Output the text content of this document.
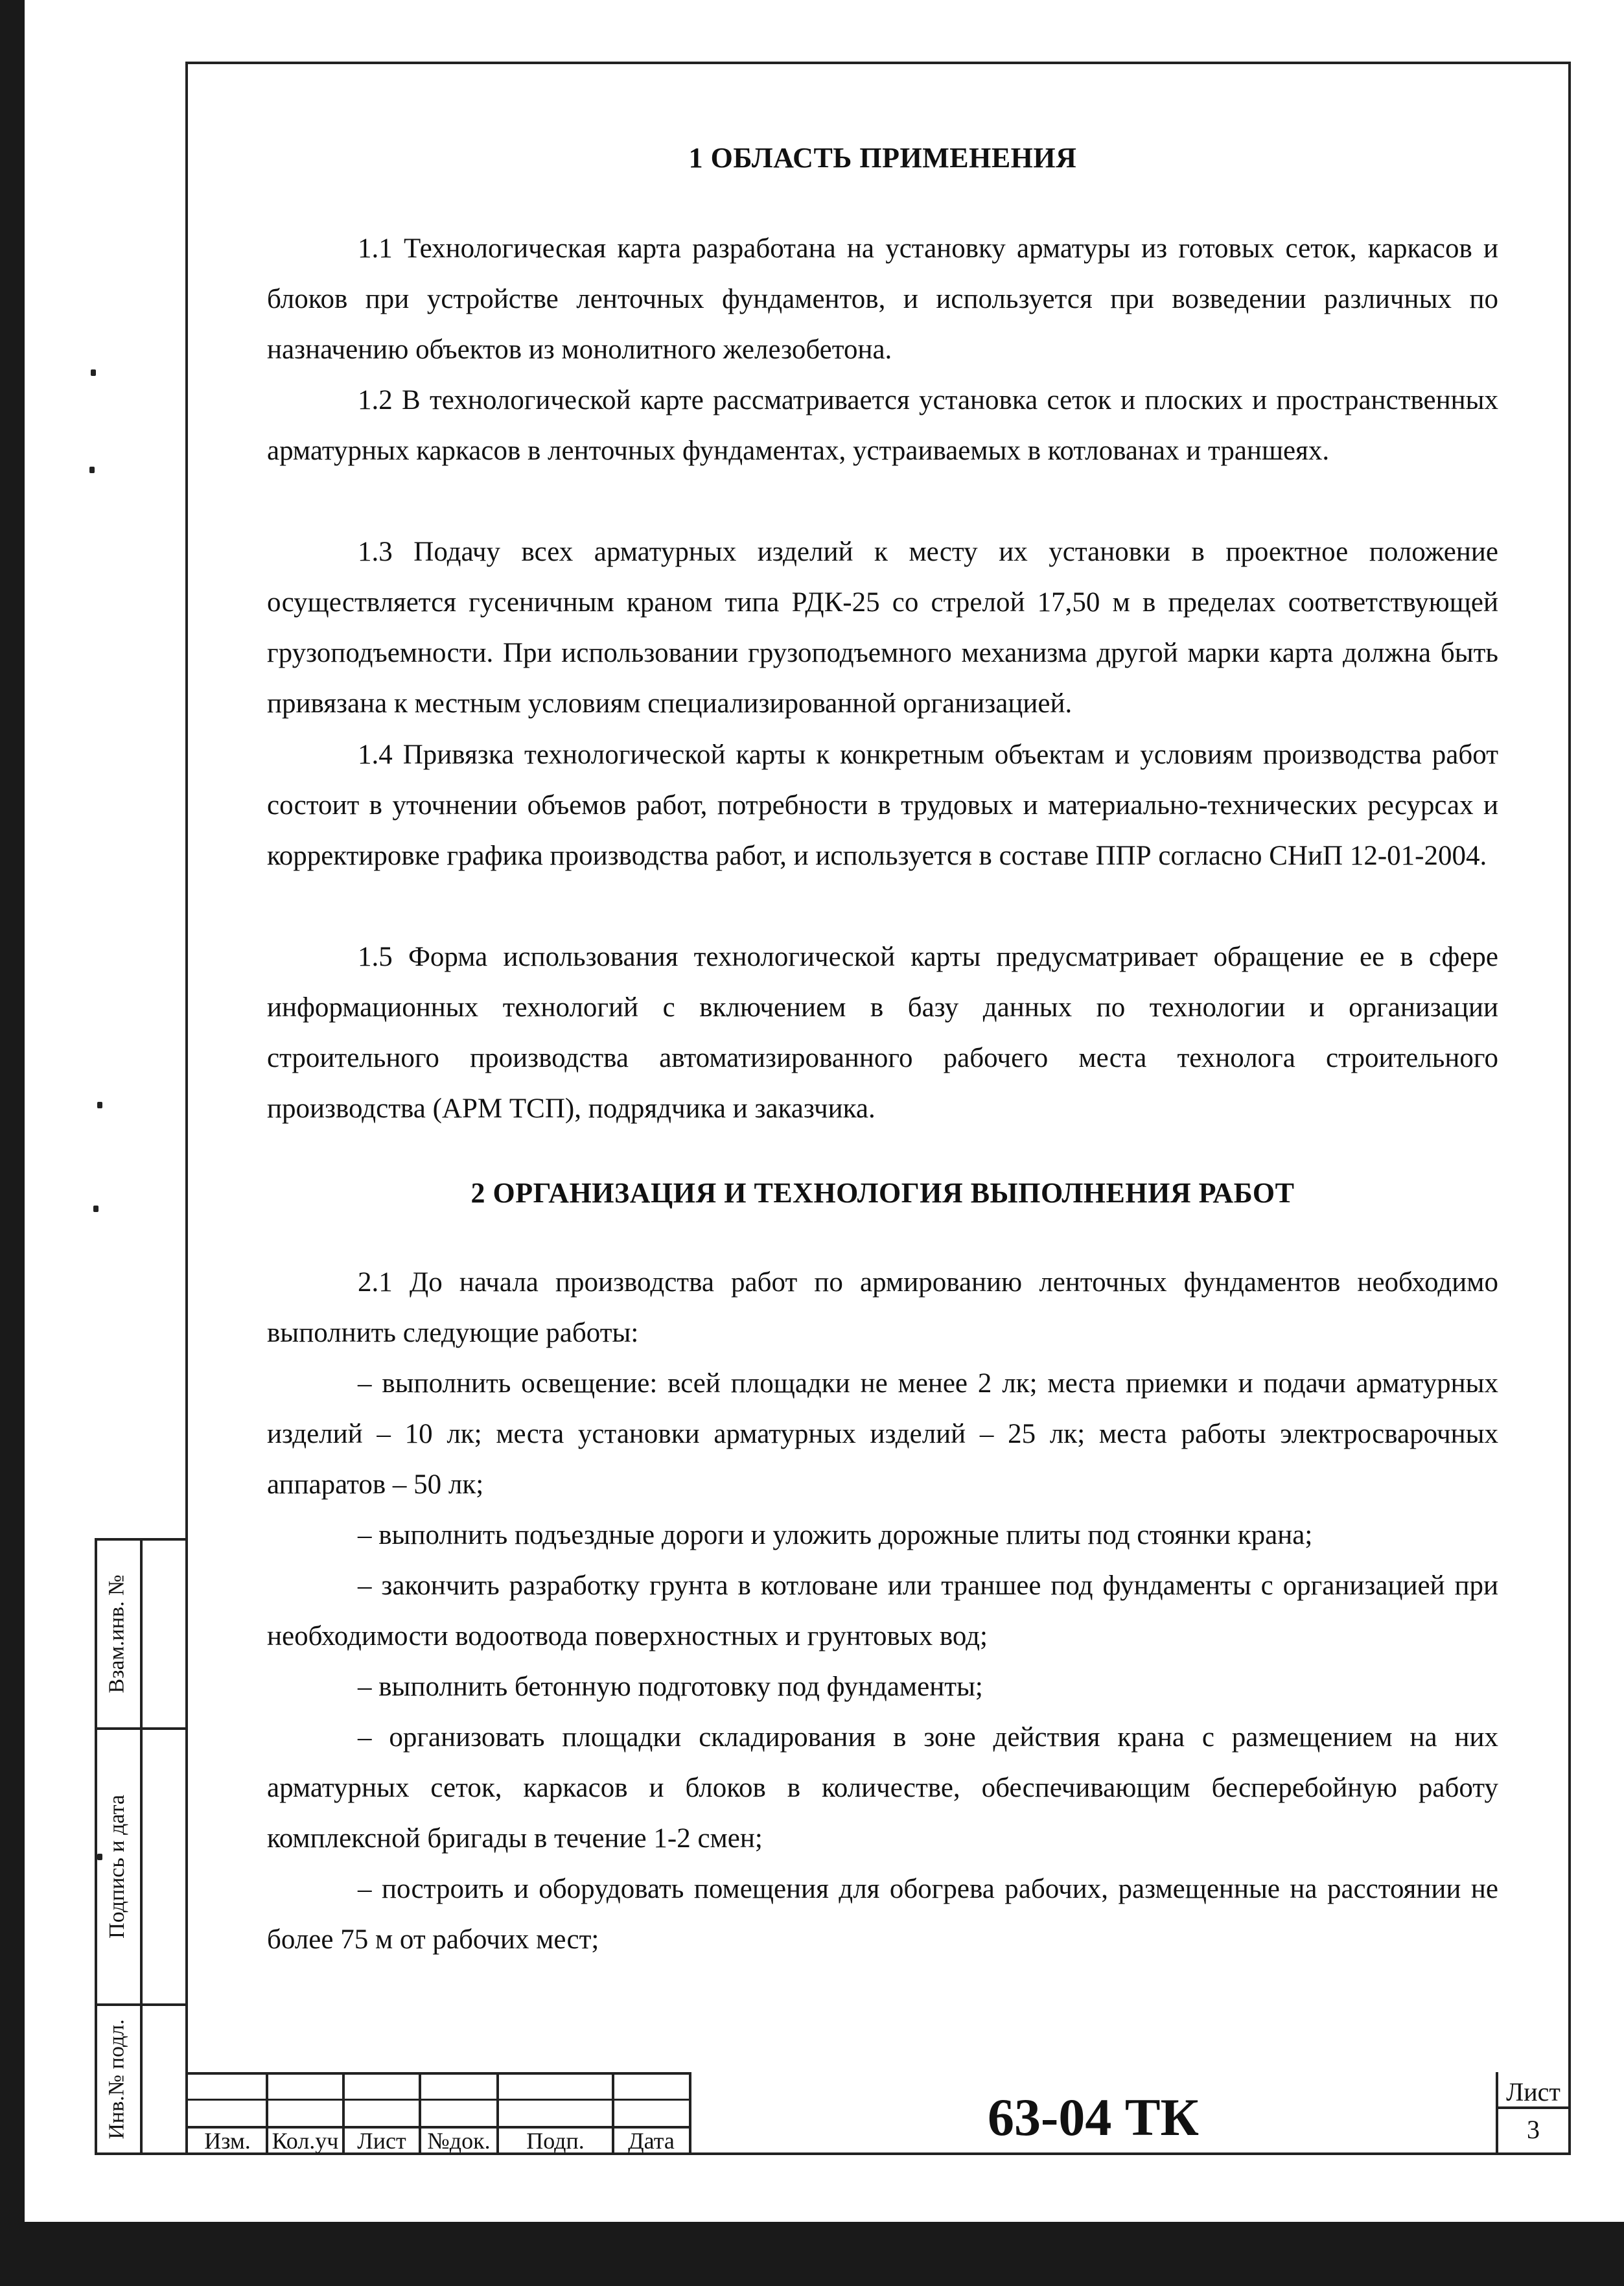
Взам.инв. №
Подпись и дата
Инв.№ подл.
1 ОБЛАСТЬ ПРИМЕНЕНИЯ
1.1 Технологическая карта разработана на установку арматуры из готовых сеток, каркасов и блоков при устройстве ленточных фундаментов, и используется при возведении различных по назначению объектов из монолитного железобетона.
1.2 В технологической карте рассматривается установка сеток и плоских и пространственных арматурных каркасов в ленточных фундаментах, устраиваемых в котлованах и траншеях.
1.3 Подачу всех арматурных изделий к месту их установки в проектное положение осуществляется гусеничным краном типа РДК-25 со стрелой 17,50 м в пределах соответствующей грузоподъемности. При использовании грузоподъемного механизма другой марки карта должна быть привязана к местным условиям специализированной организацией.
1.4 Привязка технологической карты к конкретным объектам и условиям производства работ состоит в уточнении объемов работ, потребности в трудовых и материально-технических ресурсах и корректировке графика производства работ, и используется в составе ППР согласно СНиП 12-01-2004.
1.5 Форма использования технологической карты предусматривает обращение ее в сфере информационных технологий с включением в базу данных по технологии и организации строительного производства автоматизированного рабочего места технолога строительного производства (АРМ ТСП), подрядчика и заказчика.
2 ОРГАНИЗАЦИЯ И ТЕХНОЛОГИЯ ВЫПОЛНЕНИЯ РАБОТ
2.1 До начала производства работ по армированию ленточных фундаментов необходимо выполнить следующие работы:
– выполнить освещение: всей площадки не менее 2 лк; места приемки и подачи арматурных изделий – 10 лк; места установки арматурных изделий – 25 лк; места работы электросварочных аппаратов – 50 лк;
– выполнить подъездные дороги и уложить дорожные плиты под стоянки крана;
– закончить разработку грунта в котловане или траншее под фундаменты с организацией при необходимости водоотвода поверхностных и грунтовых вод;
– выполнить бетонную подготовку под фундаменты;
– организовать площадки складирования в зоне действия крана с размещением на них арматурных сеток, каркасов и блоков в количестве, обеспечивающим бесперебойную работу комплексной бригады в течение 1-2 смен;
– построить и оборудовать помещения для обогрева рабочих, размещенные на расстоянии не более 75 м от рабочих мест;
Изм. Кол.уч Лист №док.	Подп.	Дата	63-04 ТК	Лист
3
